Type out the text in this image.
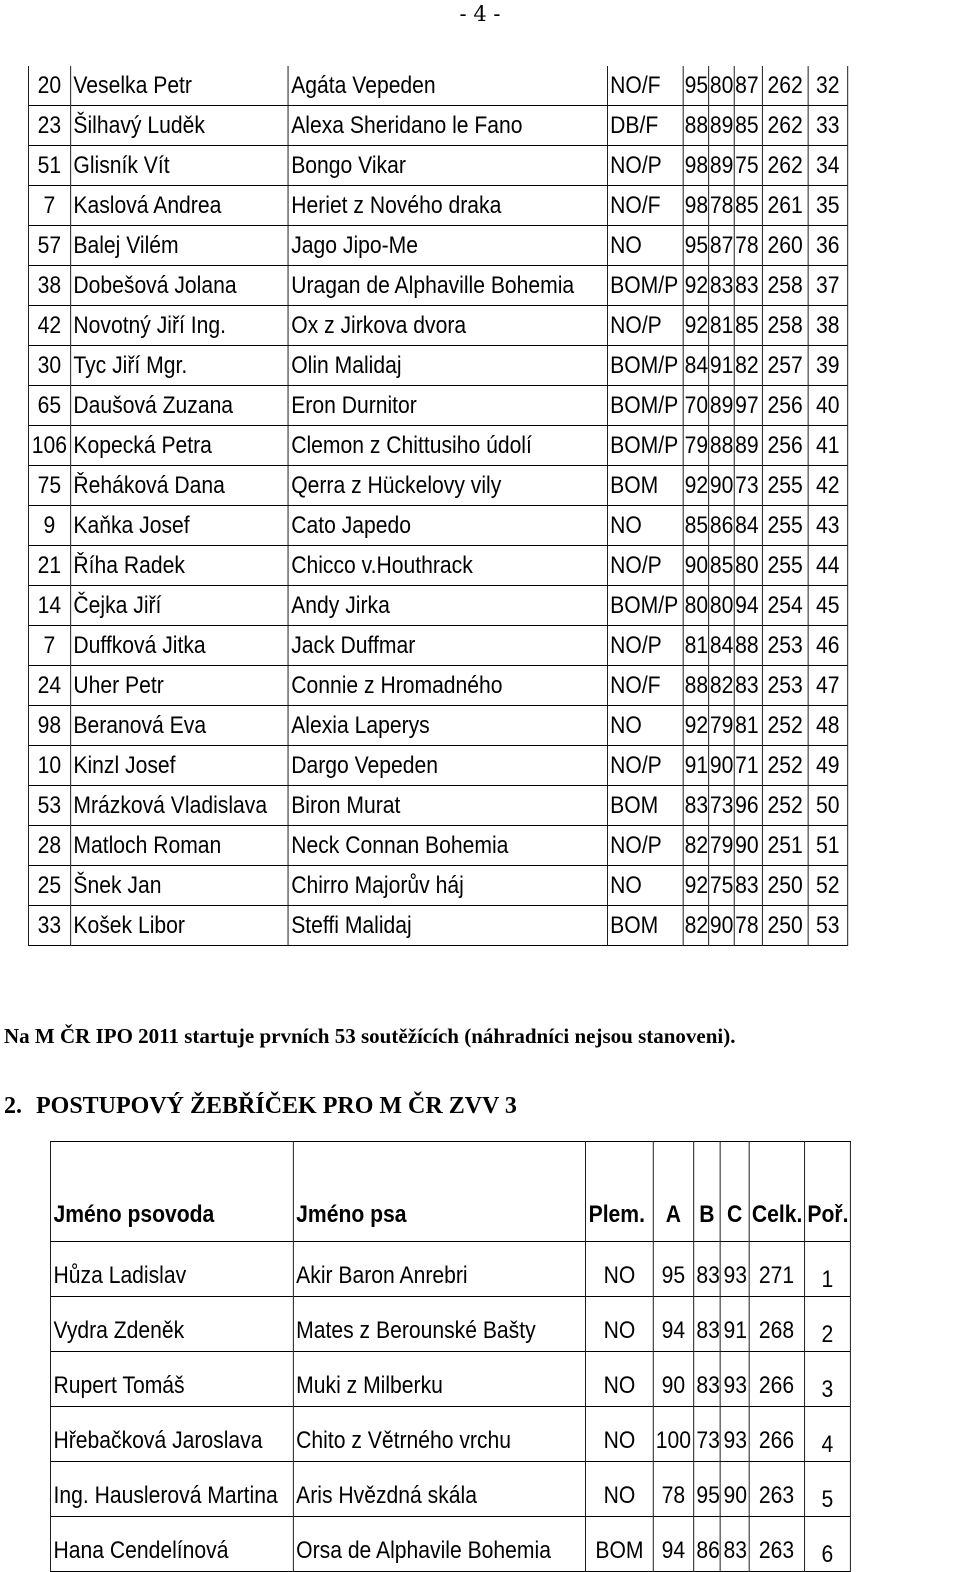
- 4 -
20	Veselka Petr	Agáta Vepeden	NO/F	95	80	87	262	32
23	Šilhavý Luděk	Alexa Sheridano le Fano	DB/F	88	89	85	262	33
51	Glisník Vít	Bongo Vikar	NO/P	98	89	75	262	34
7	Kaslová Andrea	Heriet z Nového draka	NO/F	98	78	85	261	35
57	Balej Vilém	Jago Jipo-Me	NO	95	87	78	260	36
38	Dobešová Jolana	Uragan de Alphaville Bohemia	BOM/P	92	83	83	258	37
42	Novotný Jiří Ing.	Ox z Jirkova dvora	NO/P	92	81	85	258	38
30	Tyc Jiří Mgr.	Olin Malidaj	BOM/P	84	91	82	257	39
65	Daušová Zuzana	Eron Durnitor	BOM/P	70	89	97	256	40
106	Kopecká Petra	Clemon z Chittusiho údolí	BOM/P	79	88	89	256	41
75	Řeháková Dana	Qerra z Hückelovy vily	BOM	92	90	73	255	42
9	Kaňka Josef	Cato Japedo	NO	85	86	84	255	43
21	Říha Radek	Chicco v.Houthrack	NO/P	90	85	80	255	44
14	Čejka Jiří	Andy Jirka	BOM/P	80	80	94	254	45
7	Duffková Jitka	Jack Duffmar	NO/P	81	84	88	253	46
24	Uher Petr	Connie z Hromadného	NO/F	88	82	83	253	47
98	Beranová Eva	Alexia Laperys	NO	92	79	81	252	48
10	Kinzl Josef	Dargo Vepeden	NO/P	91	90	71	252	49
53	Mrázková Vladislava	Biron Murat	BOM	83	73	96	252	50
28	Matloch Roman	Neck Connan Bohemia	NO/P	82	79	90	251	51
25	Šnek Jan	Chirro Majorův háj	NO	92	75	83	250	52
33	Košek Libor	Steffi Malidaj	BOM	82	90	78	250	53
Na M ČR IPO 2011 startuje prvních 53 soutěžících (náhradníci nejsou stanoveni).
2. POSTUPOVÝ ŽEBŘÍČEK PRO M ČR ZVV 3
Jméno psovoda	Jméno psa	Plem.	A	B	C	Celk.	Poř.
Hůza Ladislav	Akir Baron Anrebri	NO	95	83	93	271	1
Vydra Zdeněk	Mates z Berounské Bašty	NO	94	83	91	268	2
Rupert Tomáš	Muki z Milberku	NO	90	83	93	266	3
Hřebačková Jaroslava	Chito z Větrného vrchu	NO	100	73	93	266	4
Ing. Hauslerová Martina	Aris Hvězdná skála	NO	78	95	90	263	5
Hana Cendelínová	Orsa de Alphavile Bohemia	BOM	94	86	83	263	6
